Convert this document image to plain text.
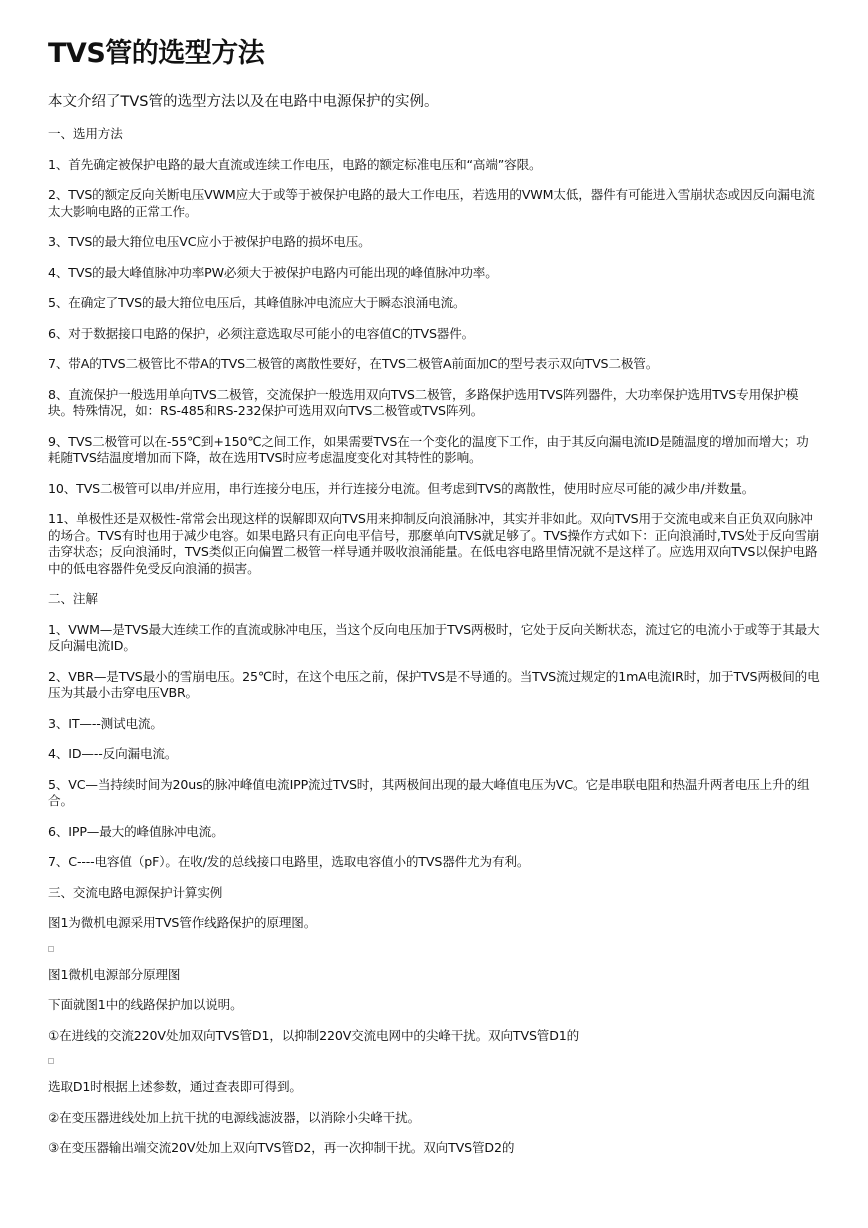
TVS管的选型方法

本文介绍了TVS管的选型方法以及在电路中电源保护的实例。

一、选用方法

1、首先确定被保护电路的最大直流或连续工作电压，电路的额定标准电压和“高端”容限。

2、TVS的额定反向关断电压VWM应大于或等于被保护电路的最大工作电压，若选用的VWM太低，器件有可能进入雪崩状态或因反向漏电流太大影响电路的正常工作。

3、TVS的最大箝位电压VC应小于被保护电路的损坏电压。

4、TVS的最大峰值脉冲功率PW必须大于被保护电路内可能出现的峰值脉冲功率。

5、在确定了TVS的最大箝位电压后，其峰值脉冲电流应大于瞬态浪涌电流。

6、对于数据接口电路的保护，必须注意选取尽可能小的电容值C的TVS器件。

7、带A的TVS二极管比不带A的TVS二极管的离散性要好，在TVS二极管A前面加C的型号表示双向TVS二极管。

8、直流保护一般选用单向TVS二极管，交流保护一般选用双向TVS二极管，多路保护选用TVS阵列器件，大功率保护选用TVS专用保护模块。特殊情况，如：RS-485和RS-232保护可选用双向TVS二极管或TVS阵列。

9、TVS二极管可以在-55℃到+150℃之间工作，如果需要TVS在一个变化的温度下工作，由于其反向漏电流ID是随温度的增加而增大；功耗随TVS结温度增加而下降，故在选用TVS时应考虑温度变化对其特性的影响。

10、TVS二极管可以串/并应用，串行连接分电压，并行连接分电流。但考虑到TVS的离散性，使用时应尽可能的减少串/并数量。

11、单极性还是双极性-常常会出现这样的误解即双向TVS用来抑制反向浪涌脉冲，其实并非如此。双向TVS用于交流电或来自正负双向脉冲的场合。TVS有时也用于减少电容。如果电路只有正向电平信号，那麽单向TVS就足够了。TVS操作方式如下：正向浪涌时,TVS处于反向雪崩击穿状态；反向浪涌时，TVS类似正向偏置二极管一样导通并吸收浪涌能量。在低电容电路里情况就不是这样了。应选用双向TVS以保护电路中的低电容器件免受反向浪涌的损害。

二、注解

1、VWM—是TVS最大连续工作的直流或脉冲电压，当这个反向电压加于TVS两极时，它处于反向关断状态，流过它的电流小于或等于其最大反向漏电流ID。

2、VBR—是TVS最小的雪崩电压。25℃时，在这个电压之前，保护TVS是不导通的。当TVS流过规定的1mA电流IR时，加于TVS两极间的电压为其最小击穿电压VBR。

3、IT—--测试电流。

4、ID—--反向漏电流。

5、VC—当持续时间为20us的脉冲峰值电流IPP流过TVS时，其两极间出现的最大峰值电压为VC。它是串联电阻和热温升两者电压上升的组合。

6、IPP—最大的峰值脉冲电流。

7、C----电容值（pF）。在收/发的总线接口电路里，选取电容值小的TVS器件尤为有利。

三、交流电路电源保护计算实例

图1为微机电源采用TVS管作线路保护的原理图。

图1微机电源部分原理图

下面就图1中的线路保护加以说明。

①在进线的交流220V处加双向TVS管D1，以抑制220V交流电网中的尖峰干扰。双向TVS管D1的

选取D1时根据上述参数，通过查表即可得到。

②在变压器进线处加上抗干扰的电源线滤波器，以消除小尖峰干扰。

③在变压器输出端交流20V处加上双向TVS管D2，再一次抑制干扰。双向TVS管D2的
